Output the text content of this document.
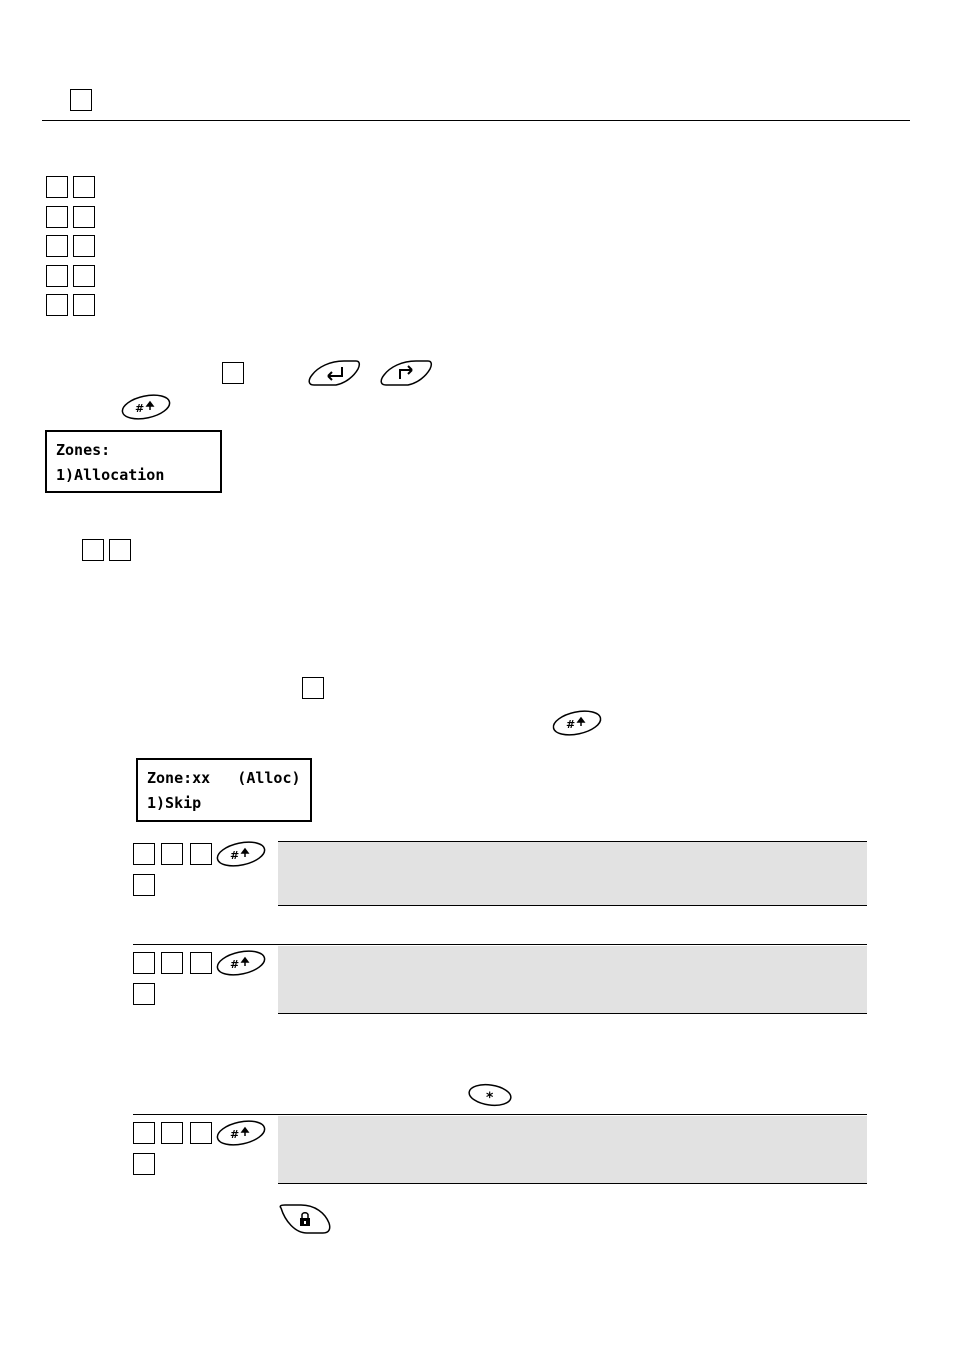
#
Zones:
1)Allocation
#
Zone:xx   (Alloc)
1)Skip
#
#
*
#
